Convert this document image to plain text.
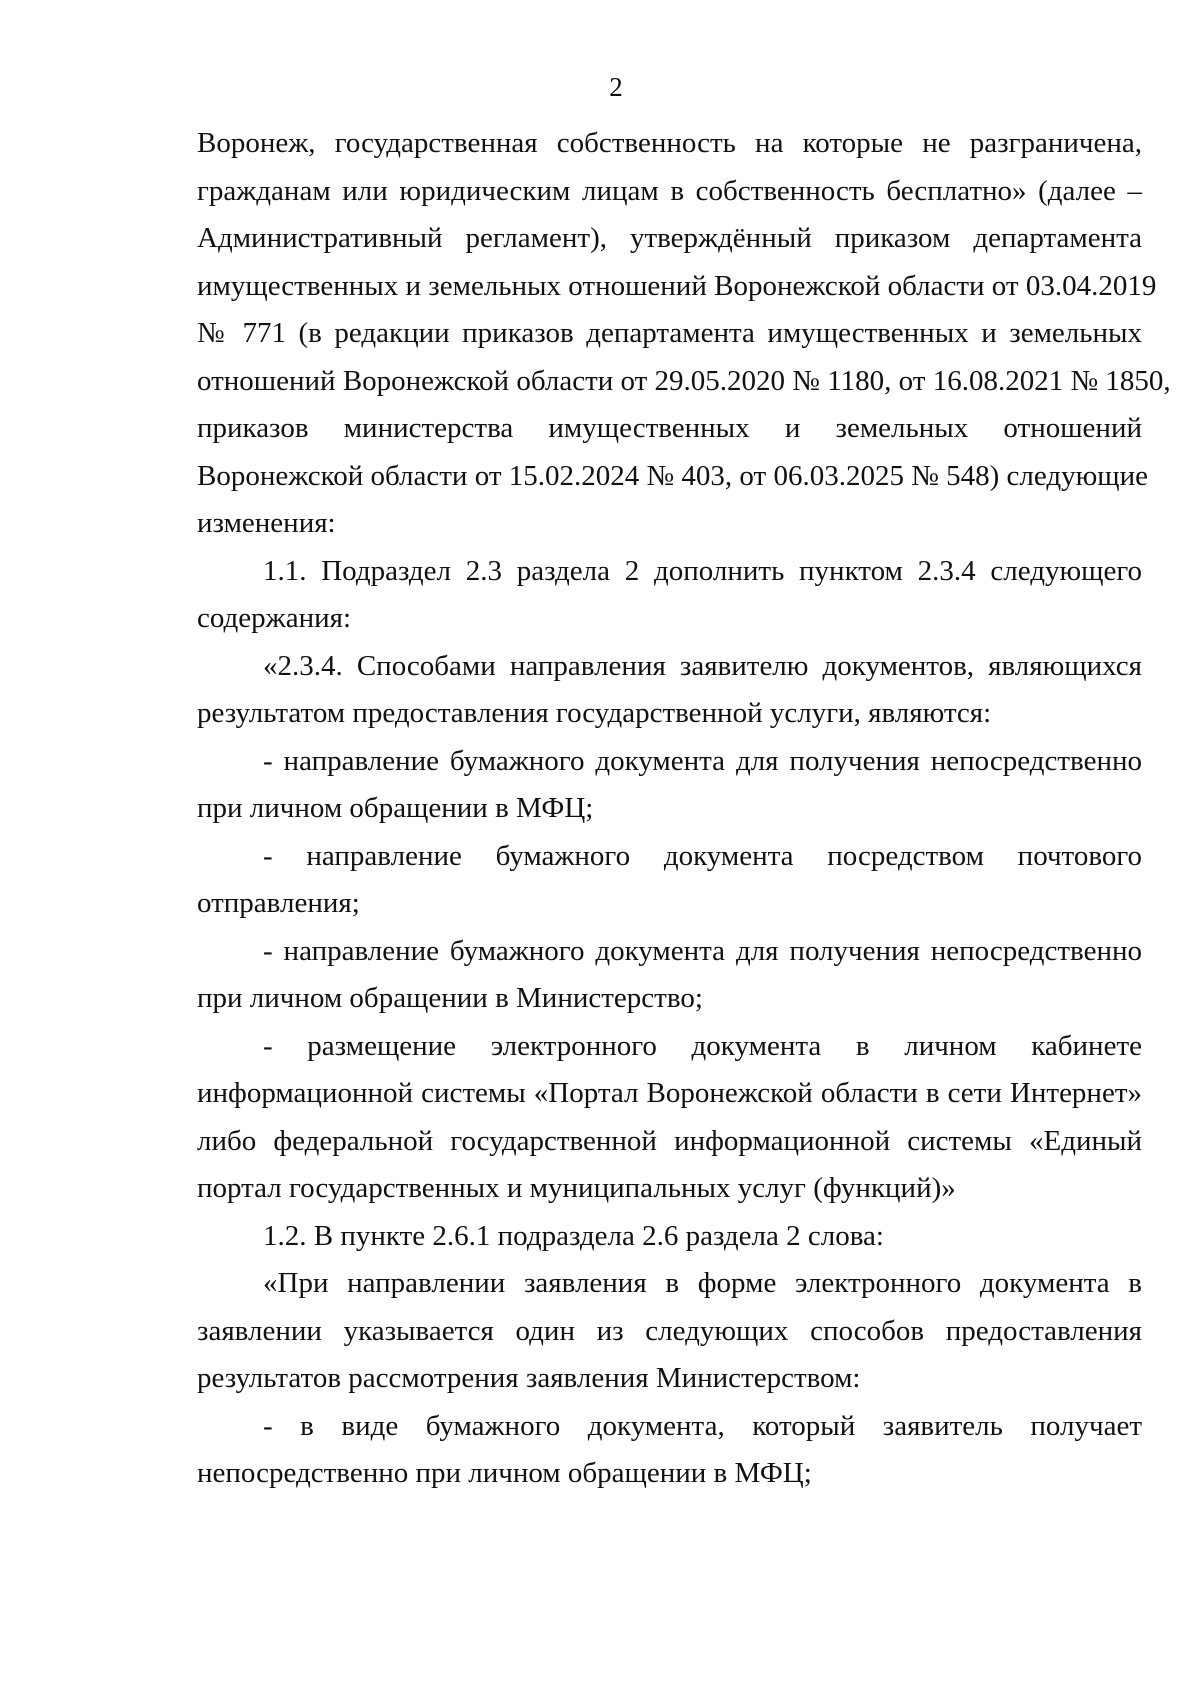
2

Воронеж, государственная собственность на которые не разграничена,
гражданам или юридическим лицам в собственность бесплатно» (далее –
Административный регламент), утверждённый приказом департамента
имущественных и земельных отношений Воронежской области от 03.04.2019
№ 771 (в редакции приказов департамента имущественных и земельных
отношений Воронежской области от 29.05.2020 № 1180, от 16.08.2021 № 1850,
приказов министерства имущественных и земельных отношений
Воронежской области от 15.02.2024 № 403, от 06.03.2025 № 548) следующие
изменения:

1.1. Подраздел 2.3 раздела 2 дополнить пунктом 2.3.4 следующего
содержания:

«2.3.4. Способами направления заявителю документов, являющихся
результатом предоставления государственной услуги, являются:

- направление бумажного документа для получения непосредственно
при личном обращении в МФЦ;

- направление бумажного документа посредством почтового
отправления;

- направление бумажного документа для получения непосредственно
при личном обращении в Министерство;

- размещение электронного документа в личном кабинете
информационной системы «Портал Воронежской области в сети Интернет»
либо федеральной государственной информационной системы «Единый
портал государственных и муниципальных услуг (функций)»

1.2. В пункте 2.6.1 подраздела 2.6 раздела 2 слова:

«При направлении заявления в форме электронного документа в
заявлении указывается один из следующих способов предоставления
результатов рассмотрения заявления Министерством:

- в виде бумажного документа, который заявитель получает
непосредственно при личном обращении в МФЦ;
